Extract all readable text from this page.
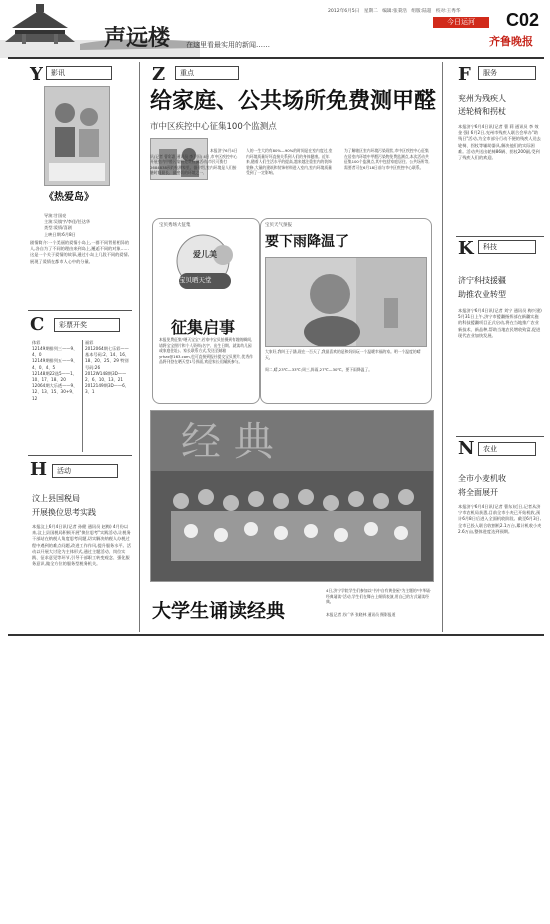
声远楼 在这里看最实用的新闻……
2012年6月5日　星期二　编辑:张秉浩　组版:陆超　校对:王秀华
今日运河	C02
齐鲁晚报
Y	影讯
《热爱岛》
导演:甘国亮
主演:吴镇宇/李佳/任达华
类型:爱情/喜剧
上映日期:6月8日
剧情简介:一个美丽的爱情小岛上,一群不同背景相异的人,各自为了不同的理由来到岛上,邂逅不同的对象……这是一个关于爱情的故事,通过小岛上几段不同的爱情,展现了爱情在都市人心中的分量。
C	彩票开奖
体彩
12149期排列三——9、4、0
12149期排列五——9、4、0、4、5
12148期22选5——1、10、17、18、20
12064期大乐透——9、12、13、15、30+9、12
福彩
2012064期七乐彩——基本号码:2、14、16、18、20、25、29 特别号码:26
2012W148期3D——2、6、10、13、21
2012149期3D——6、3、1
H	活动
汶上县国税局
开展换位思考实践
本报汶上6月4日讯(记者 孙健 通讯员 赵梅) 4月份以来,汶上县国税局积极开展"换位思考"实践活动,让税务干部站在纳税人角度思考问题,切实解决纳税人办税过程中遇到的难点问题,改进工作作风,提升服务水平。活动以开展大讨论为主体形式,通过主题活动、岗位实践、征求意见等环节,引导干部职工转变观念、强化服务意识,做全方位的服务型税务机关。
Z	重点
给家庭、公共场所免费测甲醛
市中区疾控中心征集100个监测点
本报济宁6月4日讯(记者 曹彩惠 通讯员 李卫国) 4日,市中区疾控中心开展室内甲醛污染物免费检测活动,市民可拨打2684838预约检测家里。据介绍,室内环境是人们接触时间最长、最密切的环境之一,
人的一生大约有80%—90%的时间是在室内度过,室内环境质量好坏直接关系到人们的身体健康。近年来,随着人们生活水平的提高,越来越注重室内的装饰装修,大量的建筑和装饰材料进入室内,室内环境质量受到了一定影响。
为了解辖区室内环境污染现状,市中区疾控中心征集在居室内环境中甲醛污染物免费监测点,本次活动共征集100个监测点,其中包括家庭居住、公共场所等,需要者可在6月18日前与市中区疾控中心联系。
宝贝秀场大征集
爱儿美
宝贝晒天堂
征集启事
本报免费征集"晒天宝宝",若家中宝贝拍摄到有趣的瞬间,请将宝宝照片和个人资料(名字、出生日期、就读幼儿园或家庭住址)、家长联系方式,发送至邮箱yrhzx@163.com,也可直接到报社提交宝贝照片,优秀作品将刊登在晒天堂1号界面,欢迎家长们踊跃参与。
宝贝天气预报
要下雨降温了
大家好,我叫王子涵,现在一百天了,我最喜欢的是和妈妈玩一个温暖幸福的家。明一个温度的晴天。
周二,晴,23℃—33℃;周三,阵雨,27℃—30℃。要下雨降温了。
经 典
大学生诵读经典
4日,济宁学院学生们参加以"书中自有黄金屋"为主题的"中华诵·经典诵读"活动,学生们在舞台上倾情表演,用自己的方式诵读经典。
本报记者 苏广华 张晓林 通讯员 摄影报道
F	服务
兖州为残疾人
送轮椅和拐杖
本报济宁6月4日讯(记者 曹 莉 通讯员 李 效 金 强) 6月2日,兖州市残疾人联合会举办"助残日"活动,为全市部分行动不便的残疾人送去轮椅、拐杖等辅助器具,解决他们的实际困难。活动共送出轮椅86辆、拐杖200副,受到了残疾人们的欢迎。
K	科技
济宁科技援疆
助推农业转型
本报济宁6月4日讯(记者 刘宁 通讯员 梅兴建) 5月31日上午,济宁市援疆指挥部在新疆实施的科技援疆项目正式启动,将在当地推广农业新技术、新品种,帮助当地农民增收致富,促进现代农业加快发展。
N	农业
全市小麦机收
将全面展开
本报济宁6月4日讯(记者 曹东)近日,记者从济宁市农机局获悉,目前全市小麦已开始机收,预计6月8日后进入全面机收阶段。截至6月3日,全市已投入联合收割机2.1万台,累计机收小麦2.6万亩,整体进度达到预期。
